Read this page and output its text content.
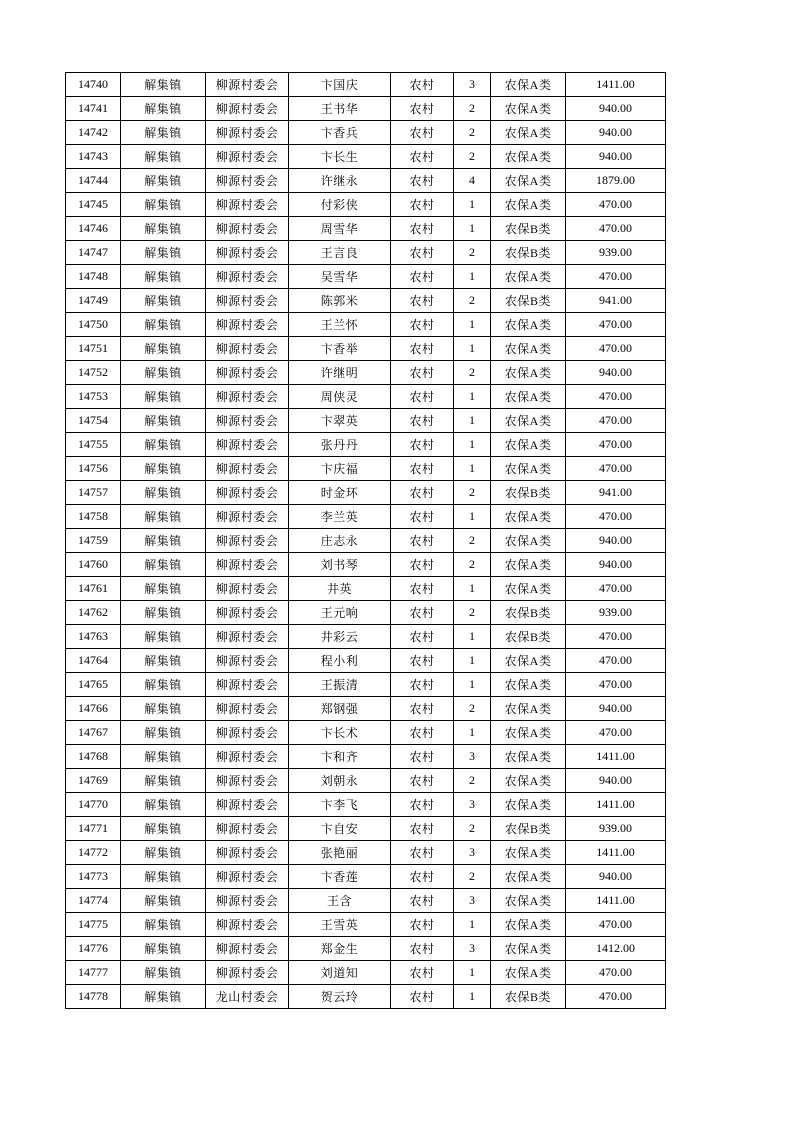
14740	解集镇	柳源村委会	卞国庆	农村	3	农保A类	1411.00
14741	解集镇	柳源村委会	王书华	农村	2	农保A类	940.00
14742	解集镇	柳源村委会	卞香兵	农村	2	农保A类	940.00
14743	解集镇	柳源村委会	卞长生	农村	2	农保A类	940.00
14744	解集镇	柳源村委会	许继永	农村	4	农保A类	1879.00
14745	解集镇	柳源村委会	付彩侠	农村	1	农保A类	470.00
14746	解集镇	柳源村委会	周雪华	农村	1	农保B类	470.00
14747	解集镇	柳源村委会	王言良	农村	2	农保B类	939.00
14748	解集镇	柳源村委会	吴雪华	农村	1	农保A类	470.00
14749	解集镇	柳源村委会	陈郭米	农村	2	农保B类	941.00
14750	解集镇	柳源村委会	王兰怀	农村	1	农保A类	470.00
14751	解集镇	柳源村委会	卞香举	农村	1	农保A类	470.00
14752	解集镇	柳源村委会	许继明	农村	2	农保A类	940.00
14753	解集镇	柳源村委会	周侠灵	农村	1	农保A类	470.00
14754	解集镇	柳源村委会	卞翠英	农村	1	农保A类	470.00
14755	解集镇	柳源村委会	张丹丹	农村	1	农保A类	470.00
14756	解集镇	柳源村委会	卞庆福	农村	1	农保A类	470.00
14757	解集镇	柳源村委会	时金环	农村	2	农保B类	941.00
14758	解集镇	柳源村委会	李兰英	农村	1	农保A类	470.00
14759	解集镇	柳源村委会	庄志永	农村	2	农保A类	940.00
14760	解集镇	柳源村委会	刘书琴	农村	2	农保A类	940.00
14761	解集镇	柳源村委会	井英	农村	1	农保A类	470.00
14762	解集镇	柳源村委会	王元响	农村	2	农保B类	939.00
14763	解集镇	柳源村委会	井彩云	农村	1	农保B类	470.00
14764	解集镇	柳源村委会	程小利	农村	1	农保A类	470.00
14765	解集镇	柳源村委会	王振清	农村	1	农保A类	470.00
14766	解集镇	柳源村委会	郑钢强	农村	2	农保A类	940.00
14767	解集镇	柳源村委会	卞长术	农村	1	农保A类	470.00
14768	解集镇	柳源村委会	卞和齐	农村	3	农保A类	1411.00
14769	解集镇	柳源村委会	刘朝永	农村	2	农保A类	940.00
14770	解集镇	柳源村委会	卞李飞	农村	3	农保A类	1411.00
14771	解集镇	柳源村委会	卞自安	农村	2	农保B类	939.00
14772	解集镇	柳源村委会	张艳丽	农村	3	农保A类	1411.00
14773	解集镇	柳源村委会	卞香莲	农村	2	农保A类	940.00
14774	解集镇	柳源村委会	王含	农村	3	农保A类	1411.00
14775	解集镇	柳源村委会	王雪英	农村	1	农保A类	470.00
14776	解集镇	柳源村委会	郑金生	农村	3	农保A类	1412.00
14777	解集镇	柳源村委会	刘道知	农村	1	农保A类	470.00
14778	解集镇	龙山村委会	贺云玲	农村	1	农保B类	470.00
